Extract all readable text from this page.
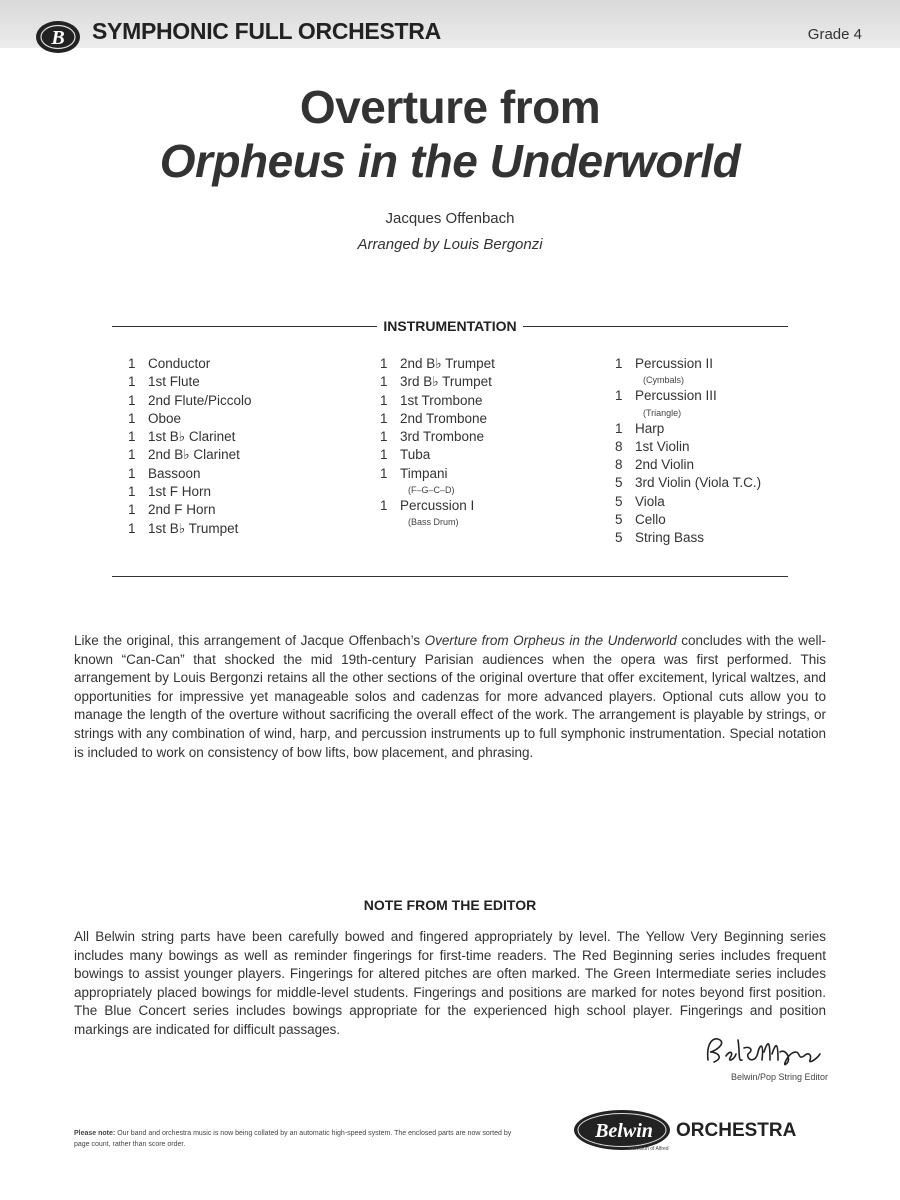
B SYMPHONIC FULL ORCHESTRA	Grade 4
Overture from
Orpheus in the Underworld
Jacques Offenbach
Arranged by Louis Bergonzi
INSTRUMENTATION
1 Conductor
1 1st Flute
1 2nd Flute/Piccolo
1 Oboe
1 1st B♭ Clarinet
1 2nd B♭ Clarinet
1 Bassoon
1 1st F Horn
1 2nd F Horn
1 1st B♭ Trumpet
1 2nd B♭ Trumpet
1 3rd B♭ Trumpet
1 1st Trombone
1 2nd Trombone
1 3rd Trombone
1 Tuba
1 Timpani
(F–G–C–D)
1 Percussion I
(Bass Drum)
1 Percussion II
(Cymbals)
1 Percussion III
(Triangle)
1 Harp
8 1st Violin
8 2nd Violin
5 3rd Violin (Viola T.C.)
5 Viola
5 Cello
5 String Bass
Like the original, this arrangement of Jacque Offenbach’s Overture from Orpheus in the Underworld concludes with the well-known “Can-Can” that shocked the mid 19th-century Parisian audiences when the opera was first performed. This arrangement by Louis Bergonzi retains all the other sections of the original overture that offer excitement, lyrical waltzes, and opportunities for impressive yet manageable solos and cadenzas for more advanced players. Optional cuts allow you to manage the length of the overture without sacrificing the overall effect of the work. The arrangement is playable by strings, or strings with any combination of wind, harp, and percussion instruments up to full symphonic instrumentation. Special notation is included to work on consistency of bow lifts, bow placement, and phrasing.
NOTE FROM THE EDITOR
All Belwin string parts have been carefully bowed and fingered appropriately by level. The Yellow Very Beginning series includes many bowings as well as reminder fingerings for first-time readers. The Red Beginning series includes frequent bowings to assist younger players. Fingerings for altered pitches are often marked. The Green Intermediate series includes appropriately placed bowings for middle-level students. Fingerings and positions are marked for notes beyond first position. The Blue Concert series includes bowings appropriate for the experienced high school player. Fingerings and position markings are indicated for difficult passages.
Belwin/Pop String Editor
Please note: Our band and orchestra music is now being collated by an automatic high-speed system. The enclosed parts are now sorted by page count, rather than score order.
Belwin ORCHESTRA
a division of Alfred
